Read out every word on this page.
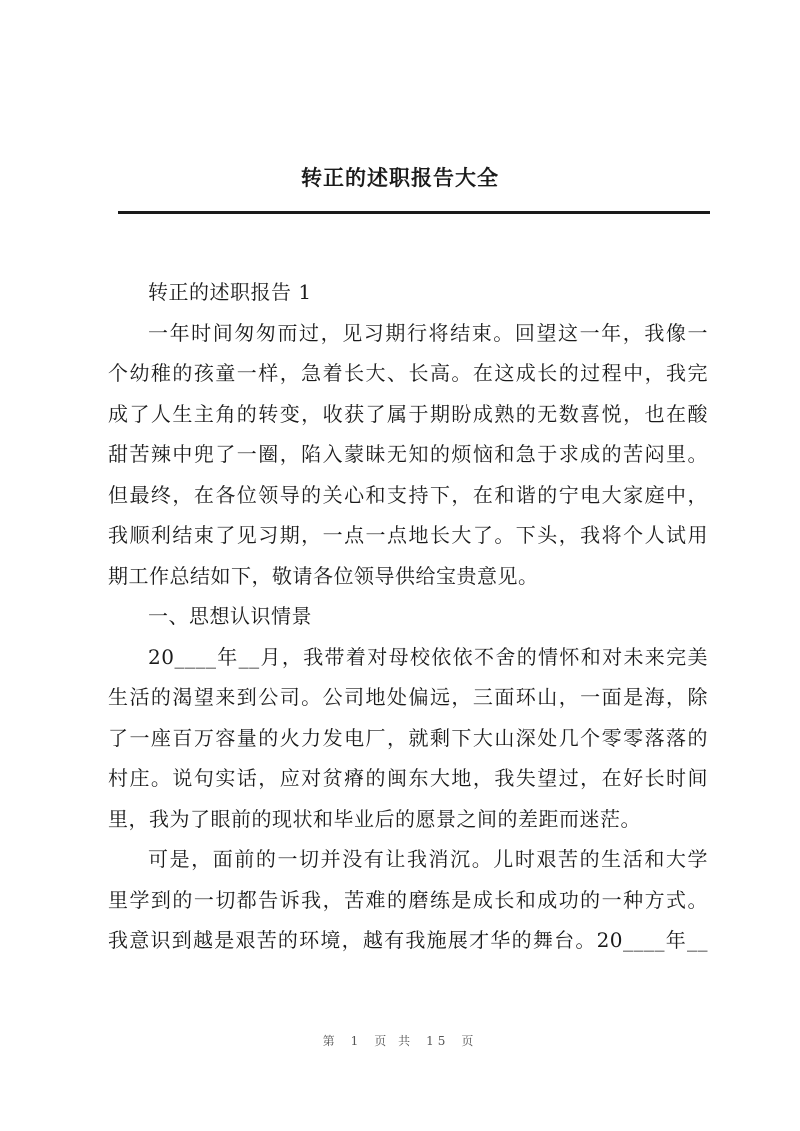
转正的述职报告大全
转正的述职报告 1
一年时间匆匆而过，见习期行将结束。回望这一年，我像一
个幼稚的孩童一样，急着长大、长高。在这成长的过程中，我完
成了人生主角的转变，收获了属于期盼成熟的无数喜悦，也在酸
甜苦辣中兜了一圈，陷入蒙昧无知的烦恼和急于求成的苦闷里。
但最终，在各位领导的关心和支持下，在和谐的宁电大家庭中，
我顺利结束了见习期，一点一点地长大了。下头，我将个人试用
期工作总结如下，敬请各位领导供给宝贵意见。
一、思想认识情景
20____年__月，我带着对母校依依不舍的情怀和对未来完美
生活的渴望来到公司。公司地处偏远，三面环山，一面是海，除
了一座百万容量的火力发电厂，就剩下大山深处几个零零落落的
村庄。说句实话，应对贫瘠的闽东大地，我失望过，在好长时间
里，我为了眼前的现状和毕业后的愿景之间的差距而迷茫。
可是，面前的一切并没有让我消沉。儿时艰苦的生活和大学
里学到的一切都告诉我，苦难的磨练是成长和成功的一种方式。
我意识到越是艰苦的环境，越有我施展才华的舞台。20____年__
第 1 页 共 15 页
